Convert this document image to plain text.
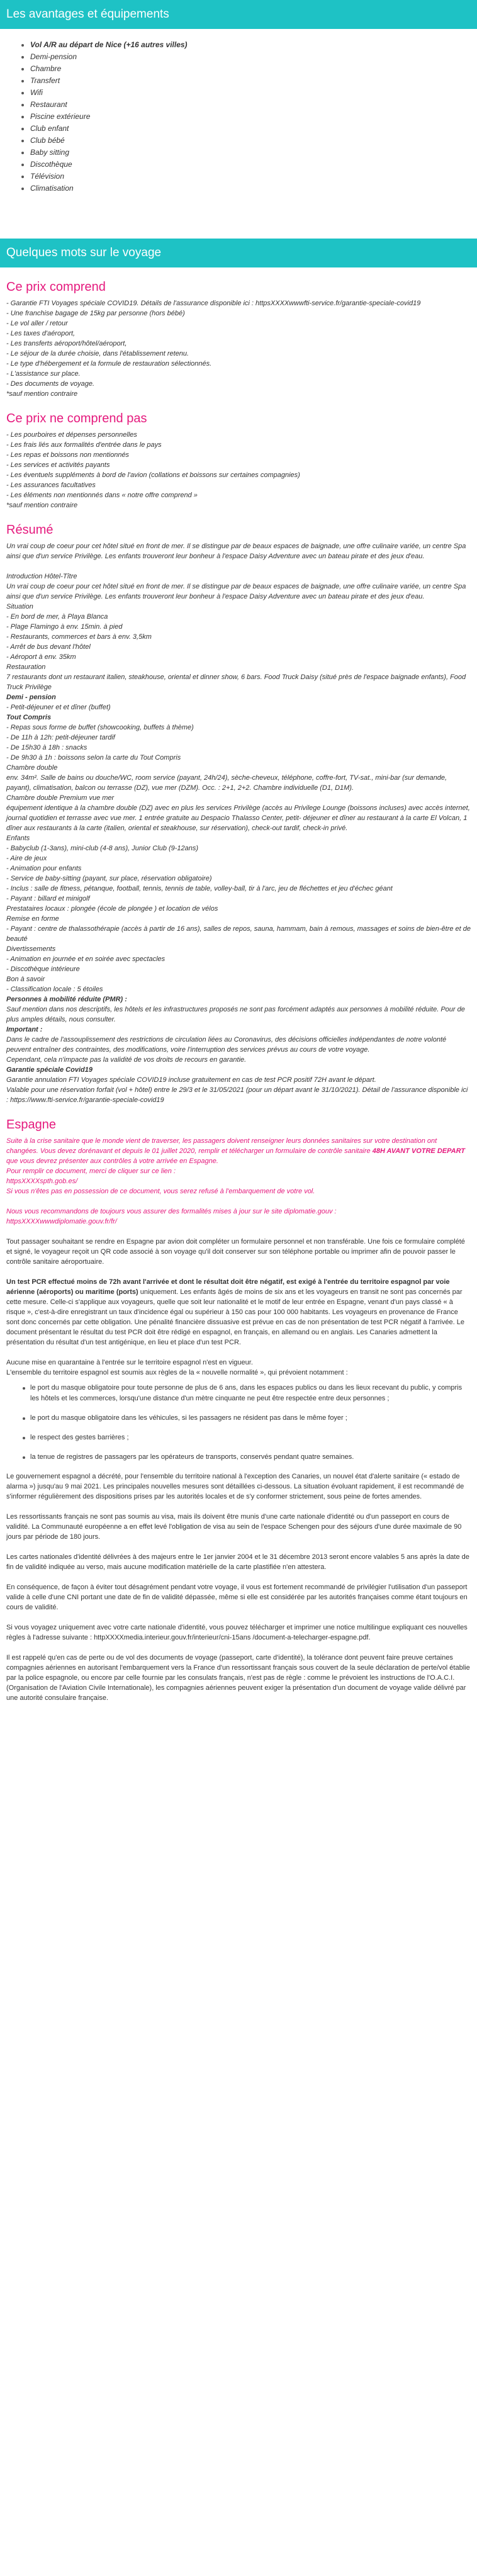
Les avantages et équipements
Vol A/R au départ de Nice (+16 autres villes)
Demi-pension
Chambre
Transfert
Wifi
Restaurant
Piscine extérieure
Club enfant
Club bébé
Baby sitting
Discothèque
Télévision
Climatisation
Quelques mots sur le voyage
Ce prix comprend
- Garantie FTI Voyages spéciale COVID19. Détails de l'assurance disponible ici : httpsXXXXwwwfti-service.fr/garantie-speciale-covid19
- Une franchise bagage de 15kg par personne (hors bébé)
- Le vol aller / retour
- Les taxes d'aéroport,
- Les transferts aéroport/hôtel/aéroport,
- Le séjour de la durée choisie, dans l'établissement retenu.
- Le type d'hébergement et la formule de restauration sélectionnés.
- L'assistance sur place.
- Des documents de voyage.
*sauf mention contraire
Ce prix ne comprend pas
- Les pourboires et dépenses personnelles
- Les frais liés aux formalités d'entrée dans le pays
- Les repas et boissons non mentionnés
- Les services et activités payants
- Les éventuels suppléments à bord de l'avion (collations et boissons sur certaines compagnies)
- Les assurances facultatives
- Les éléments non mentionnés dans « notre offre comprend »
*sauf mention contraire
Résumé

Un vrai coup de coeur pour cet hôtel situé en front de mer. Il se distingue par de beaux espaces de baignade, une offre culinaire variée, un centre Spa ainsi que d'un service Privilège. Les enfants trouveront leur bonheur à l'espace Daisy Adventure avec un bateau pirate et des jeux d'eau.

Introduction Hôtel-Tître
Un vrai coup de coeur pour cet hôtel situé en front de mer. Il se distingue par de beaux espaces de baignade, une offre culinaire variée, un centre Spa ainsi que d'un service Privilège. Les enfants trouveront leur bonheur à l'espace Daisy Adventure avec un bateau pirate et des jeux d'eau.
Situation
- En bord de mer, à Playa Blanca
- Plage Flamingo à env. 15min. à pied
- Restaurants, commerces et bars à env. 3,5km
- Arrêt de bus devant l'hôtel
- Aéroport à env. 35km
Restauration
7 restaurants dont un restaurant italien, steakhouse, oriental et dinner show, 6 bars. Food Truck Daisy (situé près de l'espace baignade enfants), Food Truck Privilège
Demi - pension
- Petit-déjeuner et et dîner (buffet)
Tout Compris
- Repas sous forme de buffet (showcooking, buffets à thème)
- De 11h à 12h: petit-déjeuner tardif
- De 15h30 à 18h : snacks
- De 9h30 à 1h : boissons selon la carte du Tout Compris
Chambre double
env. 34m². Salle de bains ou douche/WC, room service (payant, 24h/24), sèche-cheveux, téléphone, coffre-fort, TV-sat., mini-bar (sur demande, payant), climatisation, balcon ou terrasse (DZ), vue mer (DZM). Occ. : 2+1, 2+2. Chambre individuelle (D1, D1M).
Chambre double Premium vue mer
équipement identique à la chambre double (DZ) avec en plus les services Privilège (accès au Privilege Lounge (boissons incluses) avec accès internet, journal quotidien et terrasse avec vue mer. 1 entrée gratuite au Despacio Thalasso Center, petit- déjeuner et dîner au restaurant à la carte El Volcan, 1 dîner aux restaurants à la carte (italien, oriental et steakhouse, sur réservation), check-out tardif, check-in privé.
Enfants
- Babyclub (1-3ans), mini-club (4-8 ans), Junior Club (9-12ans)
- Aire de jeux
- Animation pour enfants
- Service de baby-sitting (payant, sur place, réservation obligatoire)
- Inclus : salle de fitness, pétanque, football, tennis, tennis de table, volley-ball, tir à l'arc, jeu de fléchettes et jeu d'échec géant
- Payant : billard et minigolf
Prestataires locaux : plongée (école de plongée ) et location de vélos
Remise en forme
- Payant : centre de thalassothérapie (accès à partir de 16 ans), salles de repos, sauna, hammam, bain à remous, massages et soins de bien-être et de beauté
Divertissements
- Animation en journée et en soirée avec spectacles
- Discothèque intérieure
Bon à savoir
- Classification locale : 5 étoiles
Personnes à mobilité réduite (PMR) :
Sauf mention dans nos descriptifs, les hôtels et les infrastructures proposés ne sont pas forcément adaptés aux personnes à mobilité réduite. Pour de plus amples détails, nous consulter.
Important :
Dans le cadre de l'assouplissement des restrictions de circulation liées au Coronavirus, des décisions officielles indépendantes de notre volonté peuvent entraîner des contraintes, des modifications, voire l'interruption des services prévus au cours de votre voyage.
Cependant, cela n'impacte pas la validité de vos droits de recours en garantie.
Garantie spéciale Covid19
Garantie annulation FTI Voyages spéciale COVID19 incluse gratuitement en cas de test PCR positif 72H avant le départ.
Valable pour une réservation forfait (vol + hôtel) entre le 29/3 et le 31/05/2021 (pour un départ avant le 31/10/2021). Détail de l'assurance disponible ici : https://www.fti-service.fr/garantie-speciale-covid19
Espagne
Suite à la crise sanitaire que le monde vient de traverser, les passagers doivent renseigner leurs données sanitaires sur votre destination ont changées. Vous devez dorénavant et depuis le 01 juillet 2020, remplir et télécharger un formulaire de contrôle sanitaire 48H AVANT VOTRE DEPART que vous devrez présenter aux contrôles à votre arrivée en Espagne.
Pour remplir ce document, merci de cliquer sur ce lien :
httpsXXXXspth.gob.es/
Si vous n'êtes pas en possession de ce document, vous serez refusé à l'embarquement de votre vol.
Nous vous recommandons de toujours vous assurer des formalités mises à jour sur le site diplomatie.gouv :
httpsXXXXwwwdiplomatie.gouv.fr/fr/

Tout passager souhaitant se rendre en Espagne par avion doit compléter un formulaire personnel et non transférable. Une fois ce formulaire complété et signé, le voyageur reçoit un QR code associé à son voyage qu'il doit conserver sur son téléphone portable ou imprimer afin de pouvoir passer le contrôle sanitaire aéroportuaire.

Un test PCR effectué moins de 72h avant l'arrivée et dont le résultat doit être négatif, est exigé à l'entrée du territoire espagnol par voie aérienne (aéroports) ou maritime (ports) uniquement. Les enfants âgés de moins de six ans et les voyageurs en transit ne sont pas concernés par cette mesure. Celle-ci s'applique aux voyageurs, quelle que soit leur nationalité et le motif de leur entrée en Espagne, venant d'un pays classé « à risque », c'est-à-dire enregistrant un taux d'incidence égal ou supérieur à 150 cas pour 100 000 habitants. Les voyageurs en provenance de France sont donc concernés par cette obligation. Une pénalité financière dissuasive est prévue en cas de non présentation de test PCR négatif à l'arrivée. Le document présentant le résultat du test PCR doit être rédigé en espagnol, en français, en allemand ou en anglais. Les Canaries admettent la présentation du résultat d'un test antigénique, en lieu et place d'un test PCR.

Aucune mise en quarantaine à l'entrée sur le territoire espagnol n'est en vigueur.

L'ensemble du territoire espagnol est soumis aux règles de la « nouvelle normalité », qui prévoient notamment :

le port du masque obligatoire pour toute personne de plus de 6 ans, dans les espaces publics ou dans les lieux recevant du public, y compris les hôtels et les commerces, lorsqu'une distance d'un mètre cinquante ne peut être respectée entre deux personnes ;
le port du masque obligatoire dans les véhicules, si les passagers ne résident pas dans le même foyer ;
le respect des gestes barrières ;
la tenue de registres de passagers par les opérateurs de transports, conservés pendant quatre semaines.

Le gouvernement espagnol a décrété, pour l'ensemble du territoire national à l'exception des Canaries, un nouvel état d'alerte sanitaire (« estado de alarma ») jusqu'au 9 mai 2021. Les principales nouvelles mesures sont détaillées ci-dessous. La situation évoluant rapidement, il est recommandé de s'informer régulièrement des dispositions prises par les autorités locales et de s'y conformer strictement, sous peine de fortes amendes.

Les ressortissants français ne sont pas soumis au visa, mais ils doivent être munis d'une carte nationale d'identité ou d'un passeport en cours de validité. La Communauté européenne a en effet levé l'obligation de visa au sein de l'espace Schengen pour des séjours d'une durée maximale de 90 jours par période de 180 jours.

Les cartes nationales d'identité délivrées à des majeurs entre le 1er janvier 2004 et le 31 décembre 2013 seront encore valables 5 ans après la date de fin de validité indiquée au verso, mais aucune modification matérielle de la carte plastifiée n'en attestera.

En conséquence, de façon à éviter tout désagrément pendant votre voyage, il vous est fortement recommandé de privilégier l'utilisation d'un passeport valide à celle d'une CNI portant une date de fin de validité dépassée, même si elle est considérée par les autorités françaises comme étant toujours en cours de validité.

Si vous voyagez uniquement avec votre carte nationale d'identité, vous pouvez télécharger et imprimer une notice multilingue expliquant ces nouvelles règles à l'adresse suivante : httpXXXXmedia.interieur.gouv.fr/interieur/cni-15ans /document-a-telecharger-espagne.pdf.

Il est rappelé qu'en cas de perte ou de vol des documents de voyage (passeport, carte d'identité), la tolérance dont peuvent faire preuve certaines compagnies aériennes en autorisant l'embarquement vers la France d'un ressortissant français sous couvert de la seule déclaration de perte/vol établie par la police espagnole, ou encore par celle fournie par les consulats français, n'est pas de règle : comme le prévoient les instructions de l'O.A.C.I. (Organisation de l'Aviation Civile Internationale), les compagnies aériennes peuvent exiger la présentation d'un document de voyage valide délivré par une autorité consulaire française.
